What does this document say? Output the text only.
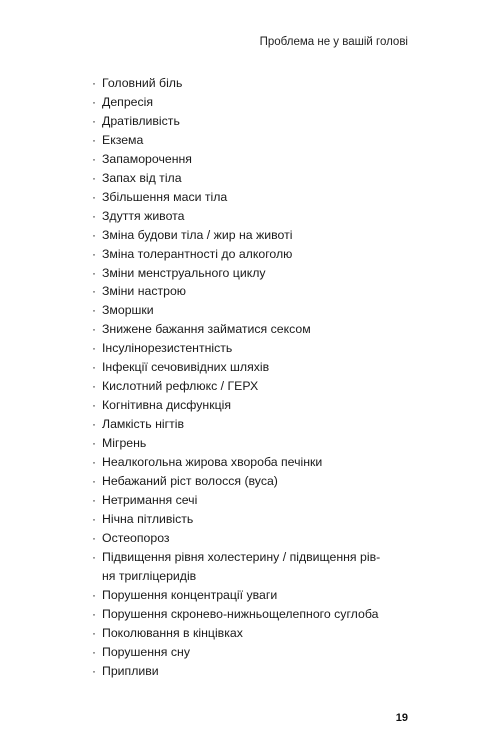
Проблема не у вашій голові
· Головний біль
· Депресія
· Дратівливість
· Екзема
· Запаморочення
· Запах від тіла
· Збільшення маси тіла
· Здуття живота
· Зміна будови тіла / жир на животі
· Зміна толерантності до алкоголю
· Зміни менструального циклу
· Зміни настрою
· Зморшки
· Знижене бажання займатися сексом
· Інсулінорезистентність
· Інфекції сечовивідних шляхів
· Кислотний рефлюкс / ГЕРХ
· Когнітивна дисфункція
· Ламкість нігтів
· Мігрень
· Неалкогольна жирова хвороба печінки
· Небажаний ріст волосся (вуса)
· Нетримання сечі
· Нічна пітливість
· Остеопороз
· Підвищення рівня холестерину / підвищення рів-
ня тригліцеридів
· Порушення концентрації уваги
· Порушення скронево-нижньощелепного суглоба
· Поколювання в кінцівках
· Порушення сну
· Припливи
19
